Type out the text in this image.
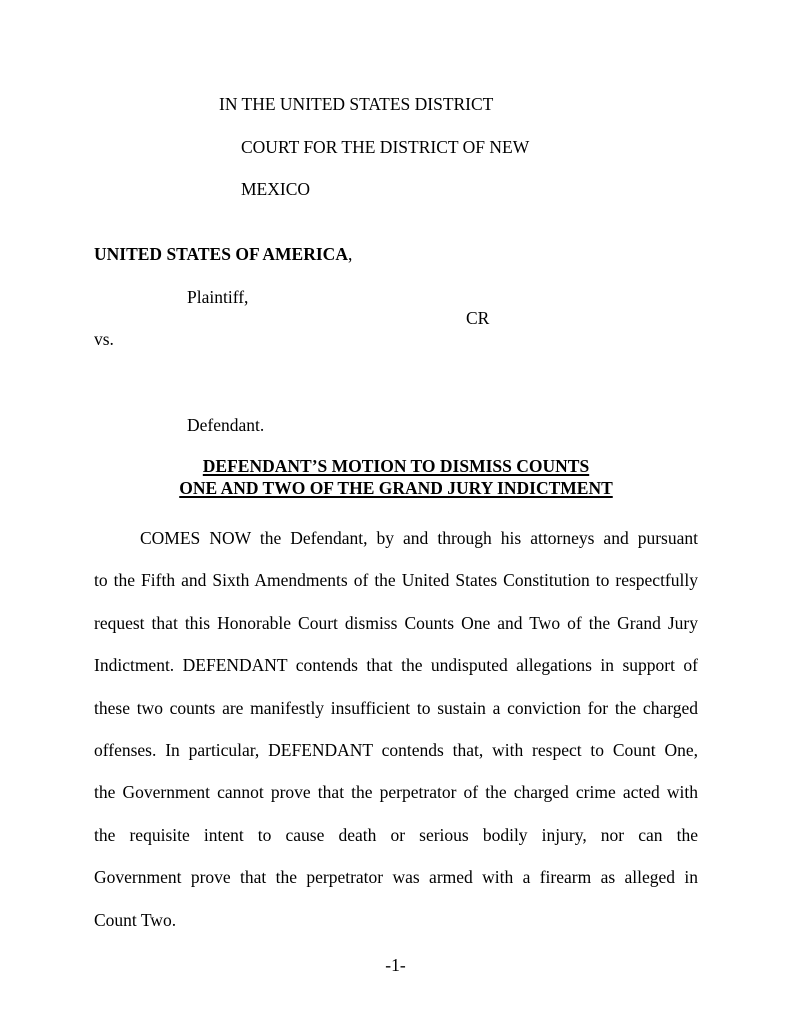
IN THE UNITED STATES DISTRICT
COURT FOR THE DISTRICT OF NEW
MEXICO
UNITED STATES OF AMERICA,
Plaintiff,
CR
vs.
Defendant.
DEFENDANT’S MOTION TO DISMISS COUNTS
ONE AND TWO OF THE GRAND JURY INDICTMENT
COMES NOW the Defendant, by and through his attorneys and pursuant
to the Fifth and Sixth Amendments of the United States Constitution to respectfully
request that this Honorable Court dismiss Counts One and Two of the Grand Jury
Indictment. DEFENDANT contends that the undisputed allegations in support of
these two counts are manifestly insufficient to sustain a conviction for the charged
offenses. In particular, DEFENDANT contends that, with respect to Count One,
the Government cannot prove that the perpetrator of the charged crime acted with
the requisite intent to cause death or serious bodily injury, nor can the
Government prove that the perpetrator was armed with a firearm as alleged in
Count Two.
-1-
